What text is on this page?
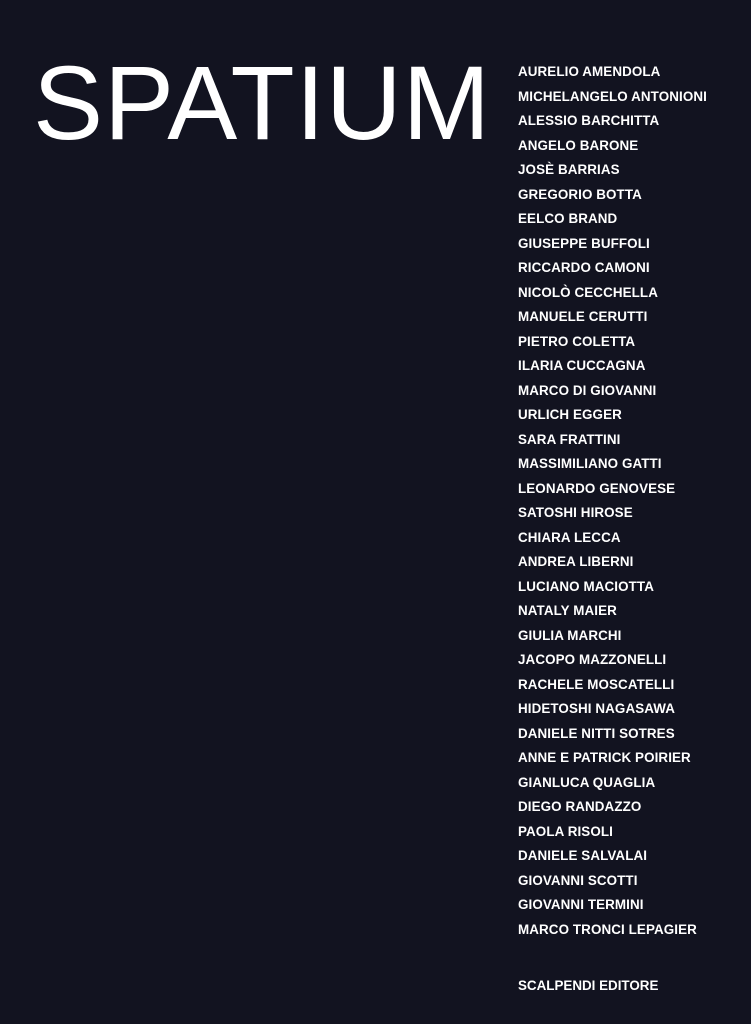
SPATIUM AURELIO AMENDOLA
MICHELANGELO ANTONIONI
ALESSIO BARCHITTA
ANGELO BARONE
JOSÈ BARRIAS
GREGORIO BOTTA
EELCO BRAND
GIUSEPPE BUFFOLI
RICCARDO CAMONI
NICOLÒ CECCHELLA
MANUELE CERUTTI
PIETRO COLETTA
ILARIA CUCCAGNA
MARCO DI GIOVANNI
URLICH EGGER
SARA FRATTINI
MASSIMILIANO GATTI
LEONARDO GENOVESE
SATOSHI HIROSE
CHIARA LECCA
ANDREA LIBERNI
LUCIANO MACIOTTA
NATALY MAIER
GIULIA MARCHI
JACOPO MAZZONELLI
RACHELE MOSCATELLI
HIDETOSHI NAGASAWA
DANIELE NITTI SOTRES
ANNE E PATRICK POIRIER
GIANLUCA QUAGLIA
DIEGO RANDAZZO
PAOLA RISOLI
DANIELE SALVALAI
GIOVANNI SCOTTI
GIOVANNI TERMINI
MARCO TRONCI LEPAGIER
SCALPENDI EDITORE
